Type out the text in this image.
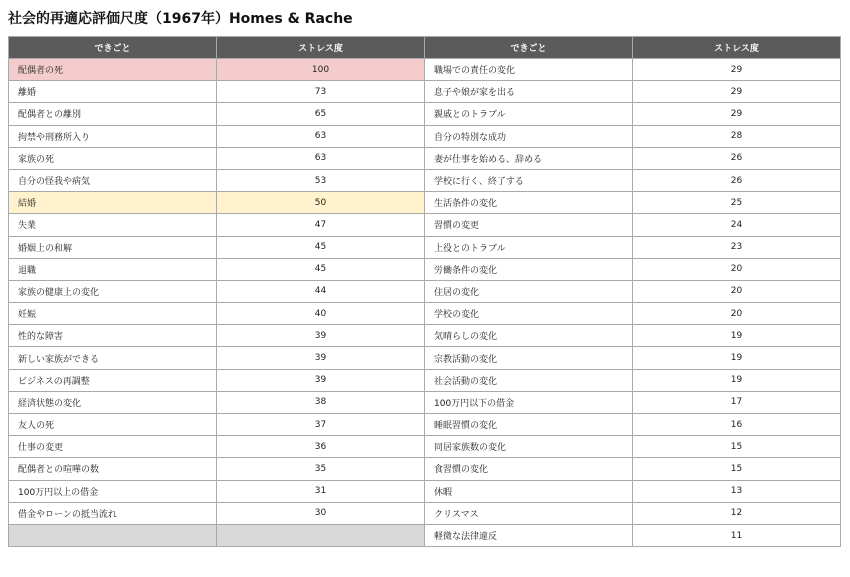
社会的再適応評価尺度（1967年）Homes & Rache
できごと	ストレス度	できごと	ストレス度
配偶者の死	100	職場での責任の変化	29
離婚	73	息子や娘が家を出る	29
配偶者との離別	65	親戚とのトラブル	29
拘禁や刑務所入り	63	自分の特別な成功	28
家族の死	63	妻が仕事を始める、辞める	26
自分の怪我や病気	53	学校に行く、終了する	26
結婚	50	生活条件の変化	25
失業	47	習慣の変更	24
婚姻上の和解	45	上役とのトラブル	23
退職	45	労働条件の変化	20
家族の健康上の変化	44	住居の変化	20
妊娠	40	学校の変化	20
性的な障害	39	気晴らしの変化	19
新しい家族ができる	39	宗教活動の変化	19
ビジネスの再調整	39	社会活動の変化	19
経済状態の変化	38	100万円以下の借金	17
友人の死	37	睡眠習慣の変化	16
仕事の変更	36	同居家族数の変化	15
配偶者との喧嘩の数	35	食習慣の変化	15
100万円以上の借金	31	休暇	13
借金やローンの抵当流れ	30	クリスマス	12
		軽微な法律違反	11
